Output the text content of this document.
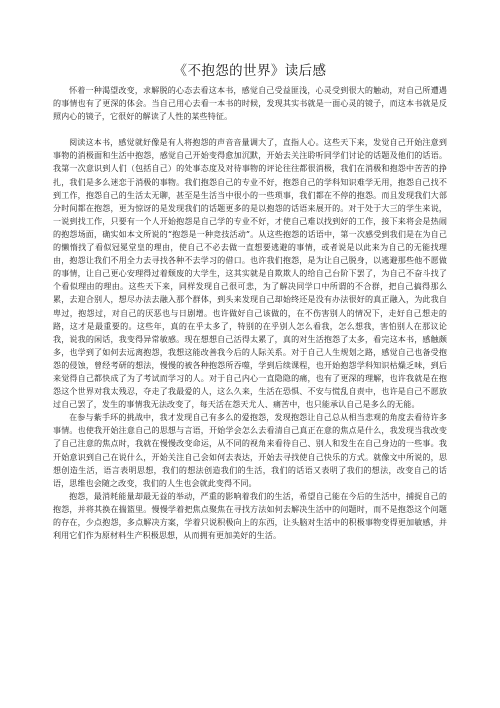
《不抱怨的世界》读后感

怀着一种渴望改变，求解脱的心态去看这本书，感觉自己受益匪浅，心灵受到很大的触动，对自己所遭遇的事情也有了更深的体会。当自己用心去看一本书的时候，发现其实书就是一面心灵的镜子，而这本书就是反照内心的镜子，它很好的解读了人性的某些特征。

阅读这本书，感觉就好像是有人将抱怨的声音音量调大了，直指人心。这些天下来，发觉自己开始注意到事物的消极面和生活中抱怨，感觉自己开始变得愈加沉默，开始去关注聆听同学们讨论的话题及他们的话语。我第一次意识到人们（包括自己）的处事态度及对待事物的评论往往都很消极，我们在消极和抱怨中苦苦的挣扎，我们是多么迷恋于消极的事物。我们抱怨自己的专业不好，抱怨自己的学科知识难学无用，抱怨自己找不到工作，抱怨自己的生活太无聊，甚至是生活当中很小的一些琐事，我们都在不停的抱怨。而且发现我们大部分时间都在抱怨，更为惊讶的是发现我们的话题更多的是以抱怨的话语来展开的。对于处于大三的学生来说，一说到找工作，只要有一个人开始抱怨是自己学的专业不好，才使自己难以找到好的工作，接下来将会是热闹的抱怨场面，确实如本文所说的“抱怨是一种竞技活动”。从这些抱怨的话语中，第一次感受到我们是在为自己的懒惰找了看似冠冕堂皇的理由，使自己不必去做一直想要逃避的事情，或者说是以此来为自己的无能找理由，抱怨让我们不用全力去寻找各种不去学习的借口。也许我们抱怨，是为让自己脱身，以逃避那些他不愿做的事情，让自己更心安理得过着颓废的大学生，这其实就是自欺欺人的给自己台阶下罢了，为自己不奋斗找了个看似理由的理由。这些天下来，同样发现自己很可悲，为了解决同学口中所谓的不合群，把自己搞得那么累，去迎合别人，想尽办法去融入那个群体，到头来发现自己却始终还是没有办法很好的真正融入，为此我自卑过，抱怨过，对自己的厌恶也与日剧增。也许做好自己该做的，在不伤害别人的情况下，走好自己想走的路，这才是最重要的。这些年，真的在乎太多了，特别的在乎别人怎么看我，怎么想我，害怕别人在那议论我，说我的闲话，我变得异常敏感。现在想想自己活得太累了，真的对生活抱怨了太多，看完这本书，感触颇多，也学到了如何去远离抱怨，我想这能改善我今后的人际关系。对于自己人生规划之路，感觉自己也备受抱怨的侵蚀，曾经考研的想法，慢慢的被各种抱怨所吞噬，学到后续课程，也开始抱怨学科知识枯燥乏味，到后来觉得自己都快成了为了考试而学习的人。对于自己内心一直隐隐的痛，也有了更深的理解，也许我就是在抱怨这个世界对我太残忍，夺走了我最爱的人，这么久来，生活在恐惧、不安与慌乱自责中，也许是自己不愿放过自己罢了，发生的事情我无法改变了，每天活在怨天尤人、痛苦中，也只能承认自己是多么的无能。

在参与紫手环的挑战中，我才发现自己有多么的爱抱怨，发现抱怨让自己总从相当悲观的角度去看待许多事情。也使我开始注意自己的思想与言语，开始学会怎么去看清自己真正在意的焦点是什么，我发现当我改变了自己注意的焦点时，我就在慢慢改变命运，从不同的视角来看待自己、别人和发生在自己身边的一些事。我开始意识到自己在说什么，开始关注自己会如何去表达，开始去寻找使自己快乐的方式。就像文中所说的，思想创造生活，语言表明思想，我们的想法创造我们的生活，我们的话语又表明了我们的想法，改变自己的话语，思维也会随之改变，我们的人生也会就此变得不同。

抱怨，最消耗能量却最无益的举动，严重的影响着我们的生活，希望自己能在今后的生活中，捕捉自己的抱怨，并将其换在揣篮里。慢慢学着把焦点聚焦在寻找方法如何去解决生活中的问题时，而不是抱怨这个问题的存在，少点抱怨，多点解决方案，学着只说积极向上的东西，让头脑对生活中的积极事物变得更加敏感，并利用它们作为原材料生产积极思想，从而拥有更加美好的生活。
